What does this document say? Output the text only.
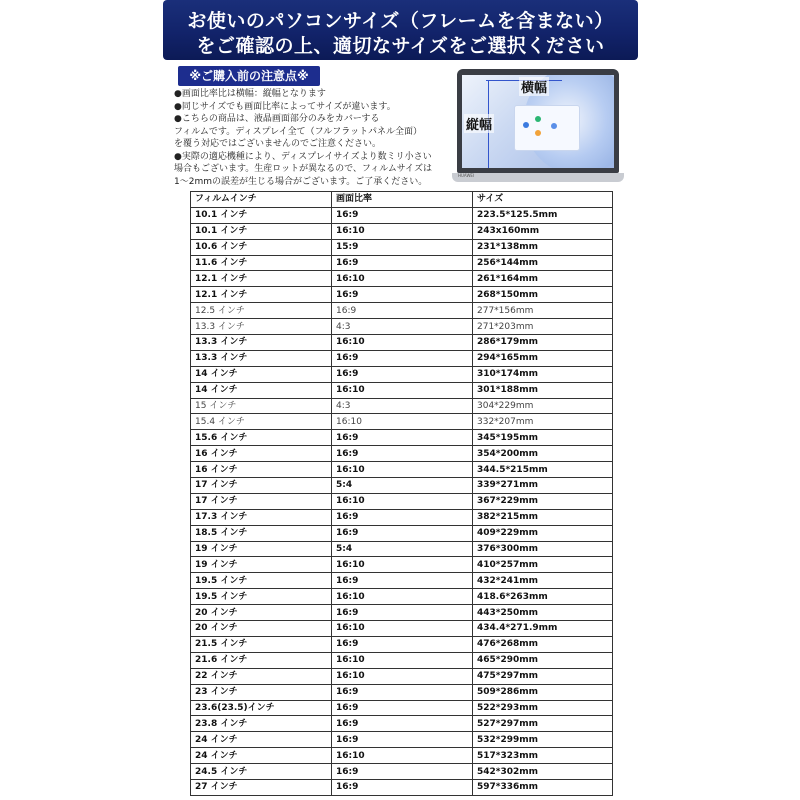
お使いのパソコンサイズ（フレームを含まない）
をご確認の上、適切なサイズをご選択ください
※ご購入前の注意点※
●画面比率比は横幅：縦幅となります
●同じサイズでも画面比率によってサイズが違います。
●こちらの商品は、液晶画面部分のみをカバーする
フィルムです。ディスプレイ全て（フルフラットパネル全面）
を覆う対応ではございませんのでご注意ください。
●実際の適応機種により、ディスプレイサイズより数ミリ小さい
場合もございます。生産ロットが異なるので、フィルムサイズは
1～2mmの誤差が生じる場合がございます。ご了承ください。
HUAWEI
横幅
縦幅
フィルムインチ	画面比率	サイズ
10.1 インチ	16:9	223.5*125.5mm
10.1 インチ	16:10	243x160mm
10.6 インチ	15:9	231*138mm
11.6 インチ	16:9	256*144mm
12.1 インチ	16:10	261*164mm
12.1 インチ	16:9	268*150mm
12.5 インチ	16:9	277*156mm
13.3 インチ	4:3	271*203mm
13.3 インチ	16:10	286*179mm
13.3 インチ	16:9	294*165mm
14 インチ	16:9	310*174mm
14 インチ	16:10	301*188mm
15 インチ	4:3	304*229mm
15.4 インチ	16:10	332*207mm
15.6 インチ	16:9	345*195mm
16 インチ	16:9	354*200mm
16 インチ	16:10	344.5*215mm
17 インチ	5:4	339*271mm
17 インチ	16:10	367*229mm
17.3 インチ	16:9	382*215mm
18.5 インチ	16:9	409*229mm
19 インチ	5:4	376*300mm
19 インチ	16:10	410*257mm
19.5 インチ	16:9	432*241mm
19.5 インチ	16:10	418.6*263mm
20 インチ	16:9	443*250mm
20 インチ	16:10	434.4*271.9mm
21.5 インチ	16:9	476*268mm
21.6 インチ	16:10	465*290mm
22 インチ	16:10	475*297mm
23 インチ	16:9	509*286mm
23.6(23.5)インチ	16:9	522*293mm
23.8 インチ	16:9	527*297mm
24 インチ	16:9	532*299mm
24 インチ	16:10	517*323mm
24.5 インチ	16:9	542*302mm
27 インチ	16:9	597*336mm
